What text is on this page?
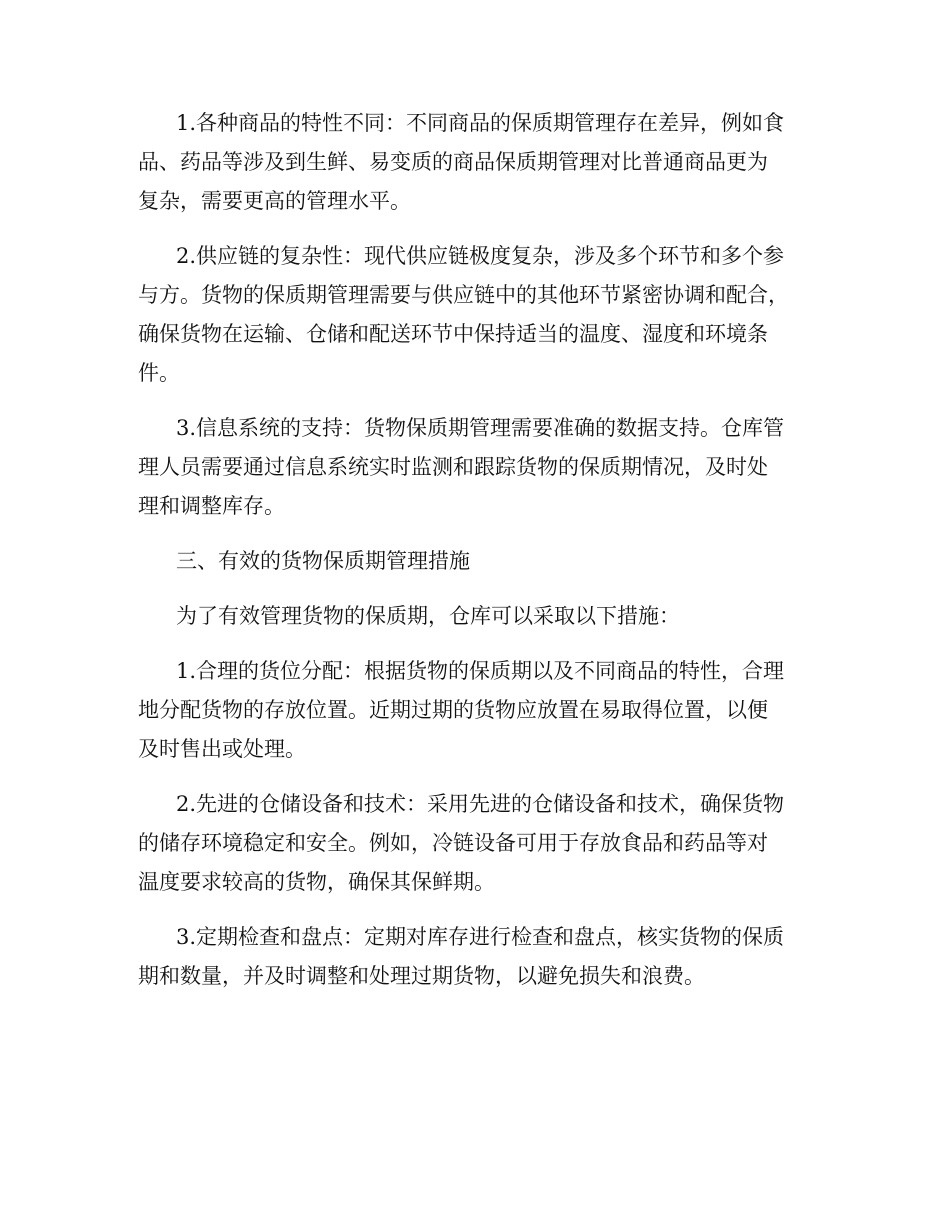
1.各种商品的特性不同：不同商品的保质期管理存在差异，例如食
品、药品等涉及到生鲜、易变质的商品保质期管理对比普通商品更为
复杂，需要更高的管理水平。
2.供应链的复杂性：现代供应链极度复杂，涉及多个环节和多个参
与方。货物的保质期管理需要与供应链中的其他环节紧密协调和配合，
确保货物在运输、仓储和配送环节中保持适当的温度、湿度和环境条
件。
3.信息系统的支持：货物保质期管理需要准确的数据支持。仓库管
理人员需要通过信息系统实时监测和跟踪货物的保质期情况，及时处
理和调整库存。
三、有效的货物保质期管理措施
为了有效管理货物的保质期，仓库可以采取以下措施：
1.合理的货位分配：根据货物的保质期以及不同商品的特性，合理
地分配货物的存放位置。近期过期的货物应放置在易取得位置，以便
及时售出或处理。
2.先进的仓储设备和技术：采用先进的仓储设备和技术，确保货物
的储存环境稳定和安全。例如，冷链设备可用于存放食品和药品等对
温度要求较高的货物，确保其保鲜期。
3.定期检查和盘点：定期对库存进行检查和盘点，核实货物的保质
期和数量，并及时调整和处理过期货物，以避免损失和浪费。
